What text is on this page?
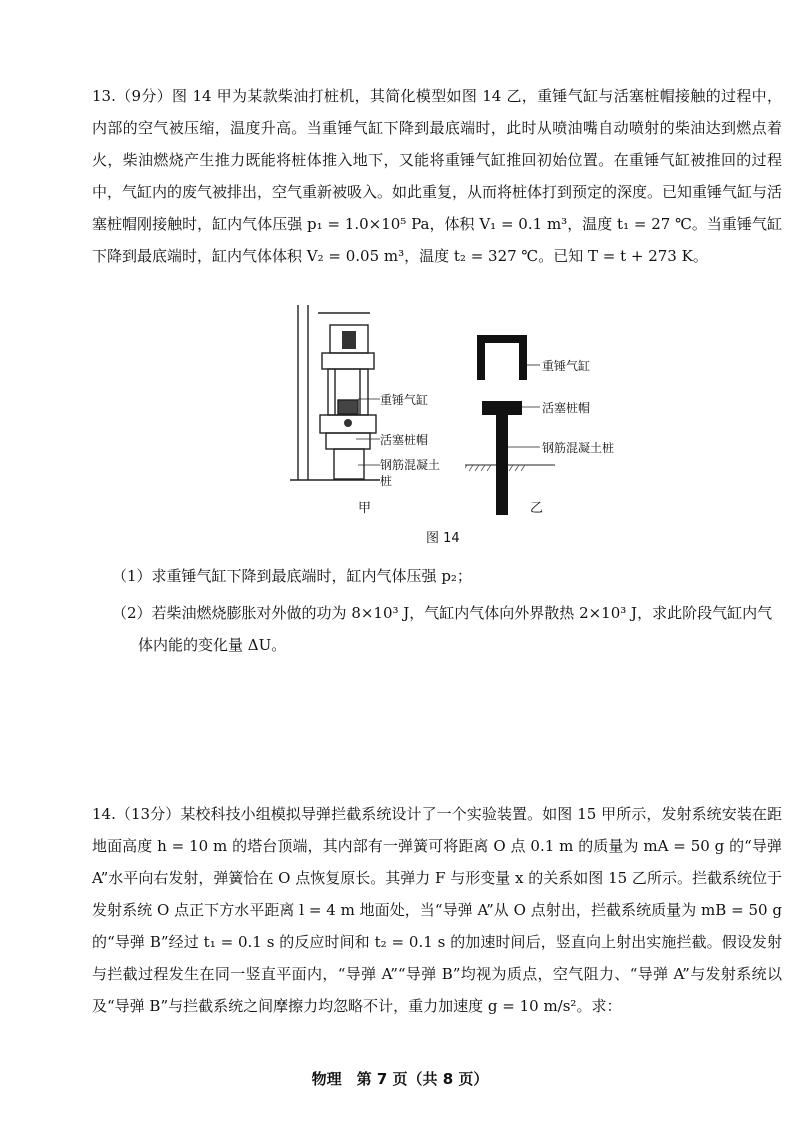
13.（9分）图 14 甲为某款柴油打桩机，其简化模型如图 14 乙，重锤气缸与活塞桩帽接触的过程中，内部的空气被压缩，温度升高。当重锤气缸下降到最底端时，此时从喷油嘴自动喷射的柴油达到燃点着火，柴油燃烧产生推力既能将桩体推入地下，又能将重锤气缸推回初始位置。在重锤气缸被推回的过程中，气缸内的废气被排出，空气重新被吸入。如此重复，从而将桩体打到预定的深度。已知重锤气缸与活塞桩帽刚接触时，缸内气体压强 p₁ = 1.0×10⁵ Pa，体积 V₁ = 0.1 m³，温度 t₁ = 27 ℃。当重锤气缸下降到最底端时，缸内气体体积 V₂ = 0.05 m³，温度 t₂ = 327 ℃。已知 T = t + 273 K。

重锤气缸
活塞桩帽
钢筋混凝土桩
甲
重锤气缸
活塞桩帽
钢筋混凝土桩
乙
图 14

（1）求重锤气缸下降到最底端时，缸内气体压强 p₂；

（2）若柴油燃烧膨胀对外做的功为 8×10³ J，气缸内气体向外界散热 2×10³ J，求此阶段气缸内气体内能的变化量 ΔU。

14.（13分）某校科技小组模拟导弹拦截系统设计了一个实验装置。如图 15 甲所示，发射系统安装在距地面高度 h = 10 m 的塔台顶端，其内部有一弹簧可将距离 O 点 0.1 m 的质量为 mA = 50 g 的“导弹 A”水平向右发射，弹簧恰在 O 点恢复原长。其弹力 F 与形变量 x 的关系如图 15 乙所示。拦截系统位于发射系统 O 点正下方水平距离 l = 4 m 地面处，当“导弹 A”从 O 点射出，拦截系统质量为 mB = 50 g 的“导弹 B”经过 t₁ = 0.1 s 的反应时间和 t₂ = 0.1 s 的加速时间后，竖直向上射出实施拦截。假设发射与拦截过程发生在同一竖直平面内，“导弹 A”“导弹 B”均视为质点，空气阻力、“导弹 A”与发射系统以及“导弹 B”与拦截系统之间摩擦力均忽略不计，重力加速度 g = 10 m/s²。求：

物理　第 7 页（共 8 页）
